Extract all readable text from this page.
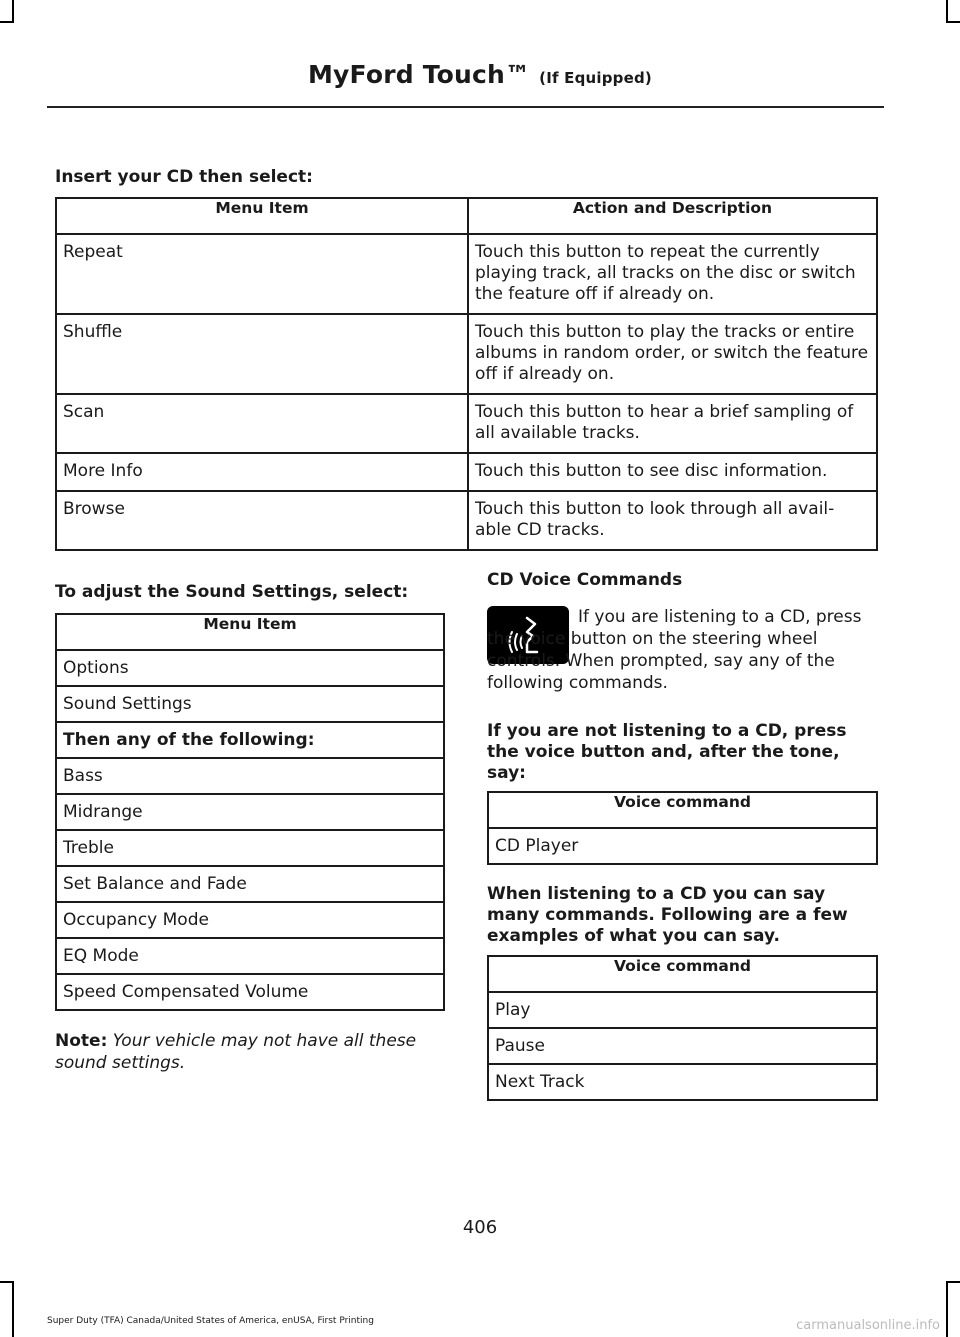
MyFord Touch™ (If Equipped)
Insert your CD then select:
Menu Item	Action and Description
Repeat	Touch this button to repeat the currently playing track, all tracks on the disc or switch the feature off if already on.
Shuffle	Touch this button to play the tracks or entire albums in random order, or switch the feature off if already on.
Scan	Touch this button to hear a brief sampling of all available tracks.
More Info	Touch this button to see disc information.
Browse	Touch this button to look through all avail-able CD tracks.
To adjust the Sound Settings, select:
Menu Item
Options
Sound Settings
Then any of the following:
Bass
Midrange
Treble
Set Balance and Fade
Occupancy Mode
EQ Mode
Speed Compensated Volume
Note: Your vehicle may not have all these sound settings.
CD Voice Commands
If you are listening to a CD, press the voice button on the steering wheel controls. When prompted, say any of the following commands.
If you are not listening to a CD, press the voice button and, after the tone, say:
Voice command
CD Player
When listening to a CD you can say many commands. Following are a few examples of what you can say.
Voice command
Play
Pause
Next Track
406
Super Duty (TFA) Canada/United States of America, enUSA, First Printing	carmanualsonline.info
